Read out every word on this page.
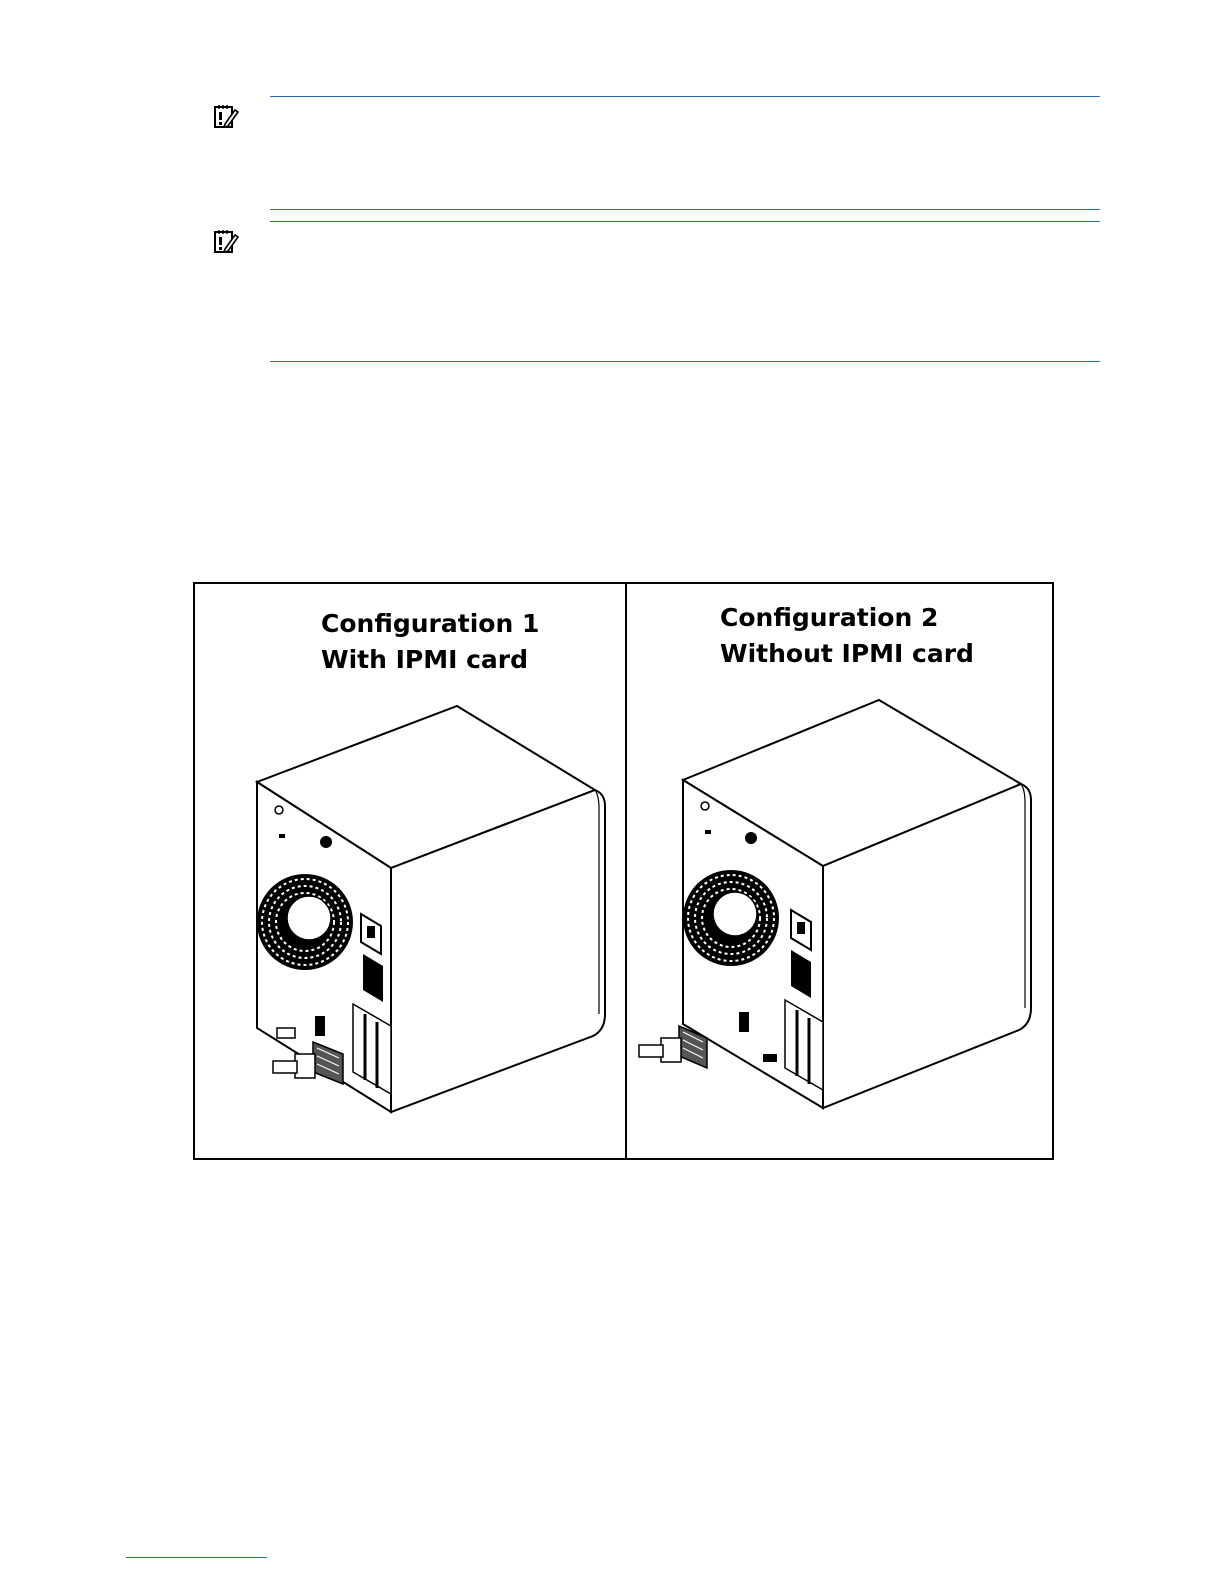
Configuration 1
With IPMI card
Configuration 2
Without IPMI card
